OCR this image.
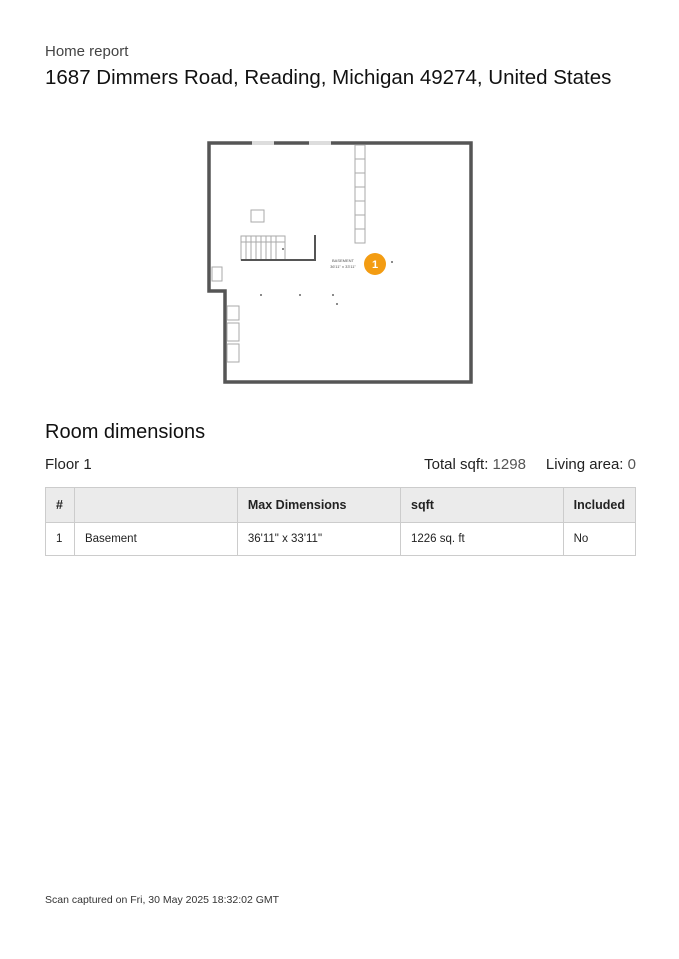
Home report
1687 Dimmers Road, Reading, Michigan 49274, United States
BASEMENT
36'11" x 33'11" 1
Room dimensions
Floor 1	Total sqft: 1298 Living area: 0
#		Max Dimensions	sqft	Included
1	Basement	36'11" x 33'11"	1226 sq. ft	No
Scan captured on Fri, 30 May 2025 18:32:02 GMT
